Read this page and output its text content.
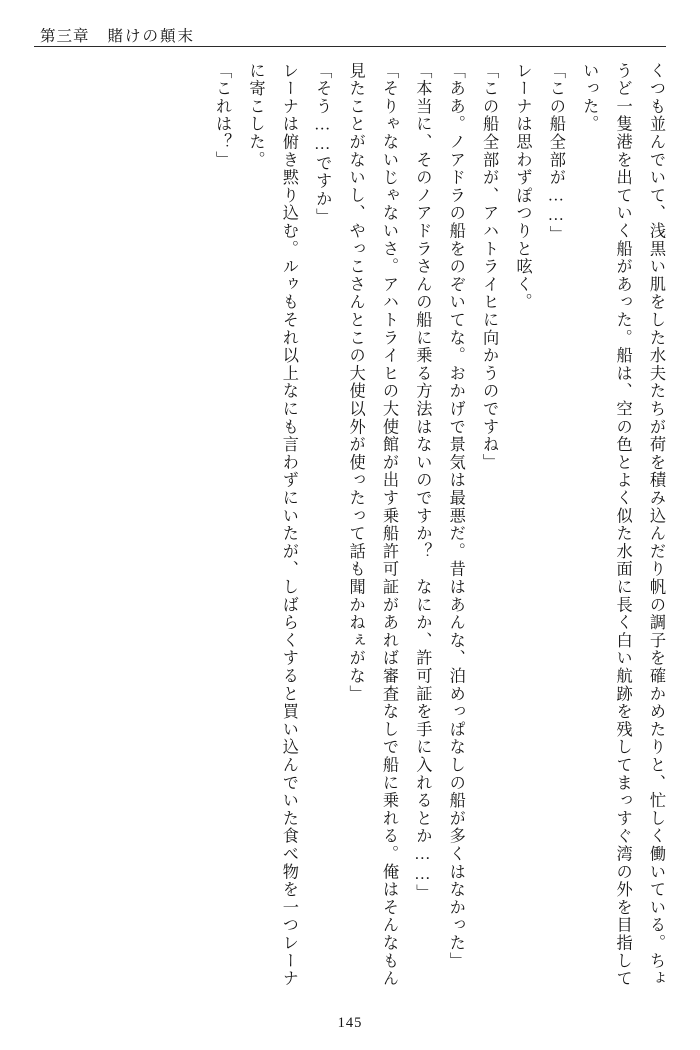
第三章 賭けの顛末

くつも並んでいて、浅黒い肌をした水夫たちが荷を積み込んだり帆の調子を確かめたりと、忙しく働いている。ちょうど一隻港を出ていく船があった。船は、空の色とよく似た水面に長く白い航跡を残してまっすぐ湾の外を目指していった。

「この船全部が……」

レーナは思わずぽつりと呟く。

「この船全部が、アハトライヒに向かうのですね」

「ああ。ノアドラの船をのぞいてな。おかげで景気は最悪だ。昔はあんな、泊めっぱなしの船が多くはなかった」

「本当に、そのノアドラさんの船に乗る方法はないのですか？　なにか、許可証を手に入れるとか……」

「そりゃないじゃないさ。アハトライヒの大使館が出す乗船許可証があれば審査なしで船に乗れる。俺はそんなもん見たことがないし、やっこさんとこの大使以外が使ったって話も聞かねぇがな」

「そう……ですか」

レーナは俯き黙り込む。ルゥもそれ以上なにも言わずにいたが、しばらくすると買い込んでいた食べ物を一つレーナに寄こした。

「これは？」

145
